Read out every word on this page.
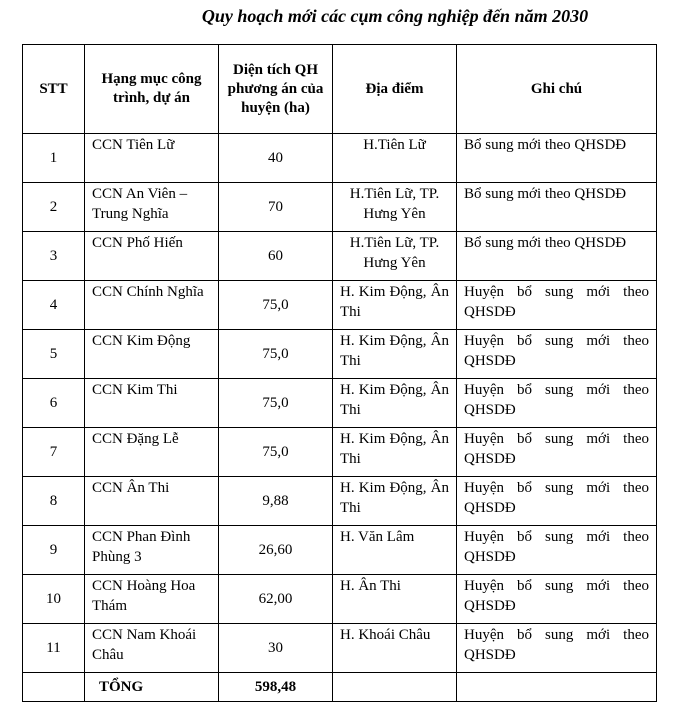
Quy hoạch mới các cụm công nghiệp đến năm 2030
STT	Hạng mục công trình, dự án	Diện tích QH phương án của huyện (ha)	Địa điểm	Ghi chú
1	CCN Tiên Lữ	40	H.Tiên Lữ	Bổ sung mới theo QHSDĐ
2	CCN An Viên – Trung Nghĩa	70	H.Tiên Lữ, TP. Hưng Yên	Bổ sung mới theo QHSDĐ
3	CCN Phố Hiến	60	H.Tiên Lữ, TP. Hưng Yên	Bổ sung mới theo QHSDĐ
4	CCN Chính Nghĩa	75,0	H. Kim Động, Ân Thi	Huyện bổ sung mới theo QHSDĐ
5	CCN Kim Động	75,0	H. Kim Động, Ân Thi	Huyện bổ sung mới theo QHSDĐ
6	CCN Kim Thi	75,0	H. Kim Động, Ân Thi	Huyện bổ sung mới theo QHSDĐ
7	CCN Đặng Lễ	75,0	H. Kim Động, Ân Thi	Huyện bổ sung mới theo QHSDĐ
8	CCN Ân Thi	9,88	H. Kim Động, Ân Thi	Huyện bổ sung mới theo QHSDĐ
9	CCN Phan Đình Phùng 3	26,60	H. Văn Lâm	Huyện bổ sung mới theo QHSDĐ
10	CCN Hoàng Hoa Thám	62,00	H. Ân Thi	Huyện bổ sung mới theo QHSDĐ
11	CCN Nam Khoái Châu	30	H. Khoái Châu	Huyện bổ sung mới theo QHSDĐ
	TỔNG	598,48		
